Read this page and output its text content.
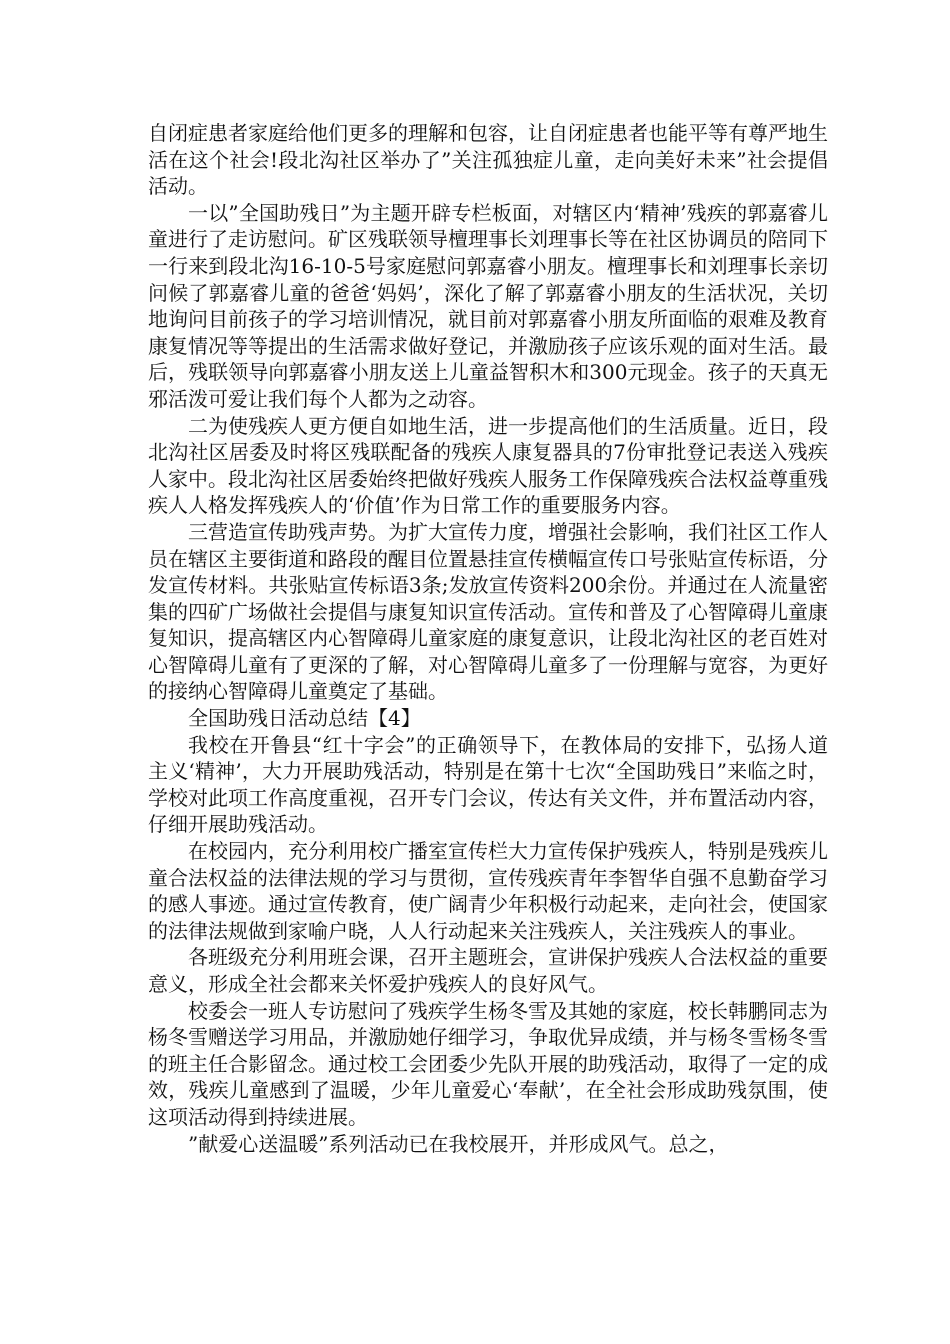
自闭症患者家庭给他们更多的理解和包容，让自闭症患者也能平等有尊严地生活在这个社会!段北沟社区举办了”关注孤独症儿童，走向美好未来”社会提倡活动。

一以”全国助残日”为主题开辟专栏板面，对辖区内‘精神’残疾的郭嘉睿儿童进行了走访慰问。矿区残联领导檀理事长刘理事长等在社区协调员的陪同下一行来到段北沟16-10-5号家庭慰问郭嘉睿小朋友。檀理事长和刘理事长亲切问候了郭嘉睿儿童的爸爸‘妈妈’，深化了解了郭嘉睿小朋友的生活状况，关切地询问目前孩子的学习培训情况，就目前对郭嘉睿小朋友所面临的艰难及教育康复情况等等提出的生活需求做好登记，并激励孩子应该乐观的面对生活。最后，残联领导向郭嘉睿小朋友送上儿童益智积木和300元现金。孩子的天真无邪活泼可爱让我们每个人都为之动容。

二为使残疾人更方便自如地生活，进一步提高他们的生活质量。近日，段北沟社区居委及时将区残联配备的残疾人康复器具的7份审批登记表送入残疾人家中。段北沟社区居委始终把做好残疾人服务工作保障残疾合法权益尊重残疾人人格发挥残疾人的‘价值’作为日常工作的重要服务内容。

三营造宣传助残声势。为扩大宣传力度，增强社会影响，我们社区工作人员在辖区主要街道和路段的醒目位置悬挂宣传横幅宣传口号张贴宣传标语，分发宣传材料。共张贴宣传标语3条;发放宣传资料200余份。并通过在人流量密集的四矿广场做社会提倡与康复知识宣传活动。宣传和普及了心智障碍儿童康复知识，提高辖区内心智障碍儿童家庭的康复意识，让段北沟社区的老百姓对心智障碍儿童有了更深的了解，对心智障碍儿童多了一份理解与宽容，为更好的接纳心智障碍儿童奠定了基础。

全国助残日活动总结【4】

我校在开鲁县“红十字会”的正确领导下，在教体局的安排下，弘扬人道主义‘精神’，大力开展助残活动，特别是在第十七次“全国助残日”来临之时，学校对此项工作高度重视，召开专门会议，传达有关文件，并布置活动内容，仔细开展助残活动。

在校园内，充分利用校广播室宣传栏大力宣传保护残疾人，特别是残疾儿童合法权益的法律法规的学习与贯彻，宣传残疾青年李智华自强不息勤奋学习的感人事迹。通过宣传教育，使广阔青少年积极行动起来，走向社会，使国家的法律法规做到家喻户晓，人人行动起来关注残疾人，关注残疾人的事业。

各班级充分利用班会课，召开主题班会，宣讲保护残疾人合法权益的重要意义，形成全社会都来关怀爱护残疾人的良好风气。

校委会一班人专访慰问了残疾学生杨冬雪及其她的家庭，校长韩鹏同志为杨冬雪赠送学习用品，并激励她仔细学习，争取优异成绩，并与杨冬雪杨冬雪的班主任合影留念。通过校工会团委少先队开展的助残活动，取得了一定的成效，残疾儿童感到了温暖，少年儿童爱心‘奉献’，在全社会形成助残氛围，使这项活动得到持续进展。

”献爱心送温暖”系列活动已在我校展开，并形成风气。总之，
